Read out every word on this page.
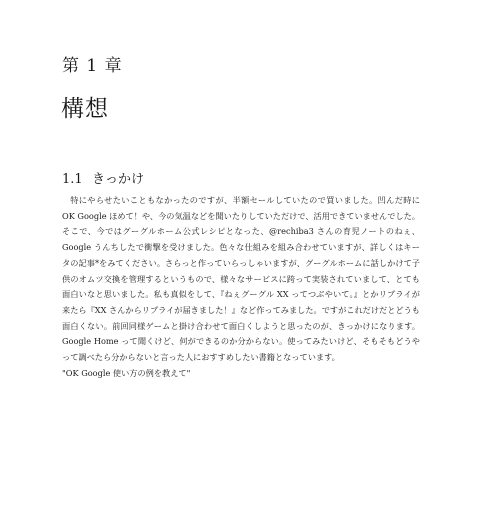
第 1 章
構想
1.1 きっかけ

特にやらせたいこともなかったのですが、半額セールしていたので買いました。凹んだ時に OK Google ほめて！や、今の気温などを聞いたりしていただけで、活用できていませんでした。そこで、今ではグーグルホーム公式レシピとなった、@rechiba3 さんの育児ノートのねぇ、Google うんちしたで衝撃を受けました。色々な仕組みを組み合わせていますが、詳しくはキータの記事*をみてください。さらっと作っていらっしゃいますが、グーグルホームに話しかけて子供のオムツ交換を管理するというもので、様々なサービスに跨って実装されていまして、とても面白いなと思いました。私も真似をして、『ねぇグーグル XX ってつぶやいて。』とかリプライが来たら『XX さんからリプライが届きました！』など作ってみました。ですがこれだけだとどうも面白くない。前回同様ゲームと掛け合わせて面白くしようと思ったのが、きっかけになります。Google Home って聞くけど、何ができるのか分からない。使ってみたいけど、そもそもどうやって調べたら分からないと言った人におすすめしたい書籍となっています。

"OK Google 使い方の例を教えて"
